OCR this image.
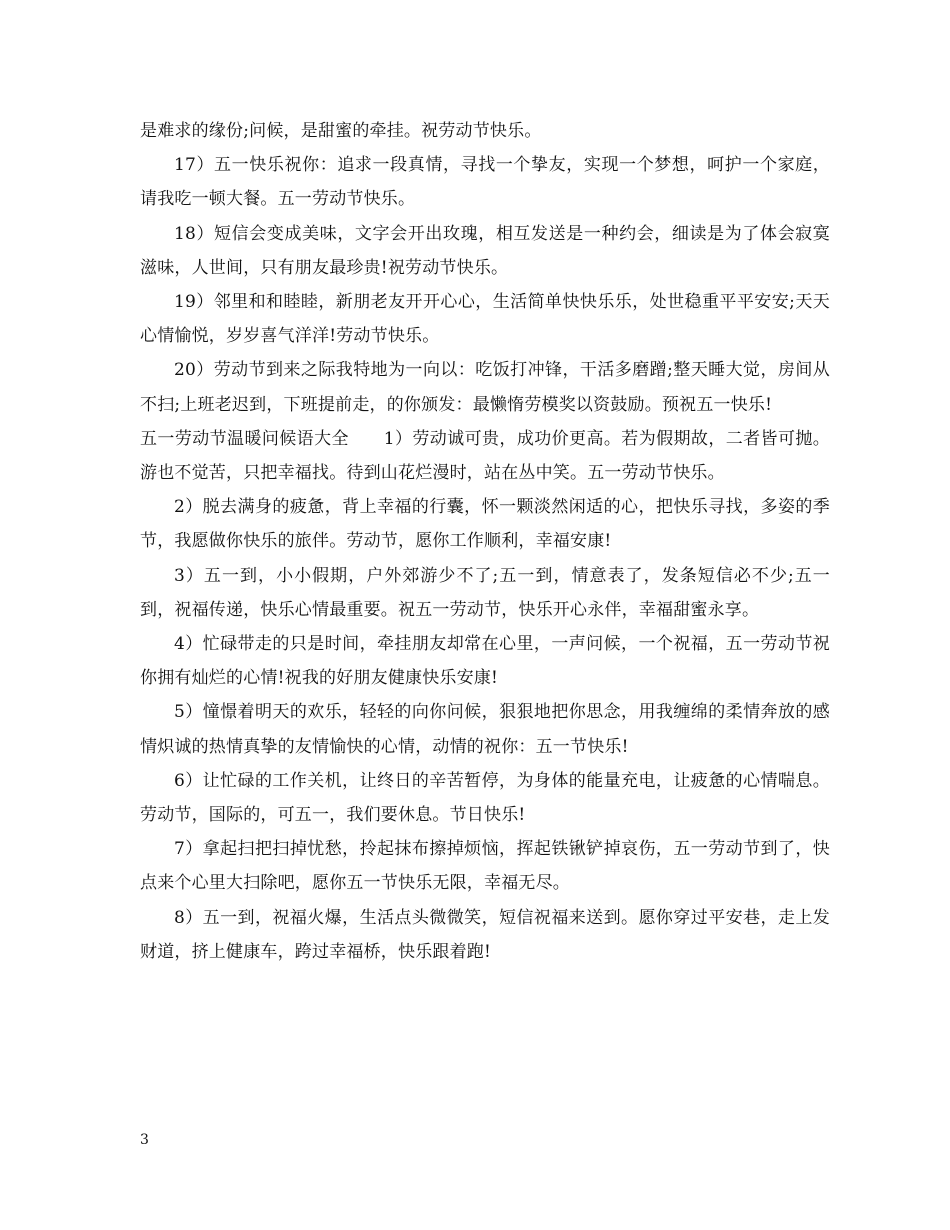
是难求的缘份;问候，是甜蜜的牵挂。祝劳动节快乐。

17）五一快乐祝你：追求一段真情，寻找一个挚友，实现一个梦想，呵护一个家庭，请我吃一顿大餐。五一劳动节快乐。

18）短信会变成美味，文字会开出玫瑰，相互发送是一种约会，细读是为了体会寂寞滋味，人世间，只有朋友最珍贵!祝劳动节快乐。

19）邻里和和睦睦，新朋老友开开心心，生活简单快快乐乐，处世稳重平平安安;天天心情愉悦，岁岁喜气洋洋!劳动节快乐。

20）劳动节到来之际我特地为一向以：吃饭打冲锋，干活多磨蹭;整天睡大觉，房间从不扫;上班老迟到，下班提前走，的你颁发：最懒惰劳模奖以资鼓励。预祝五一快乐!

五一劳动节温暖问候语大全　　1）劳动诚可贵，成功价更高。若为假期故，二者皆可抛。游也不觉苦，只把幸福找。待到山花烂漫时，站在丛中笑。五一劳动节快乐。

2）脱去满身的疲惫，背上幸福的行囊，怀一颗淡然闲适的心，把快乐寻找，多姿的季节，我愿做你快乐的旅伴。劳动节，愿你工作顺利，幸福安康!

3）五一到，小小假期，户外郊游少不了;五一到，情意表了，发条短信必不少;五一到，祝福传递，快乐心情最重要。祝五一劳动节，快乐开心永伴，幸福甜蜜永享。

4）忙碌带走的只是时间，牵挂朋友却常在心里，一声问候，一个祝福，五一劳动节祝你拥有灿烂的心情!祝我的好朋友健康快乐安康!

5）憧憬着明天的欢乐，轻轻的向你问候，狠狠地把你思念，用我缠绵的柔情奔放的感情炽诚的热情真挚的友情愉快的心情，动情的祝你：五一节快乐!

6）让忙碌的工作关机，让终日的辛苦暂停，为身体的能量充电，让疲惫的心情喘息。劳动节，国际的，可五一，我们要休息。节日快乐!

7）拿起扫把扫掉忧愁，拎起抹布擦掉烦恼，挥起铁锹铲掉哀伤，五一劳动节到了，快点来个心里大扫除吧，愿你五一节快乐无限，幸福无尽。

8）五一到，祝福火爆，生活点头微微笑，短信祝福来送到。愿你穿过平安巷，走上发财道，挤上健康车，跨过幸福桥，快乐跟着跑!

3
